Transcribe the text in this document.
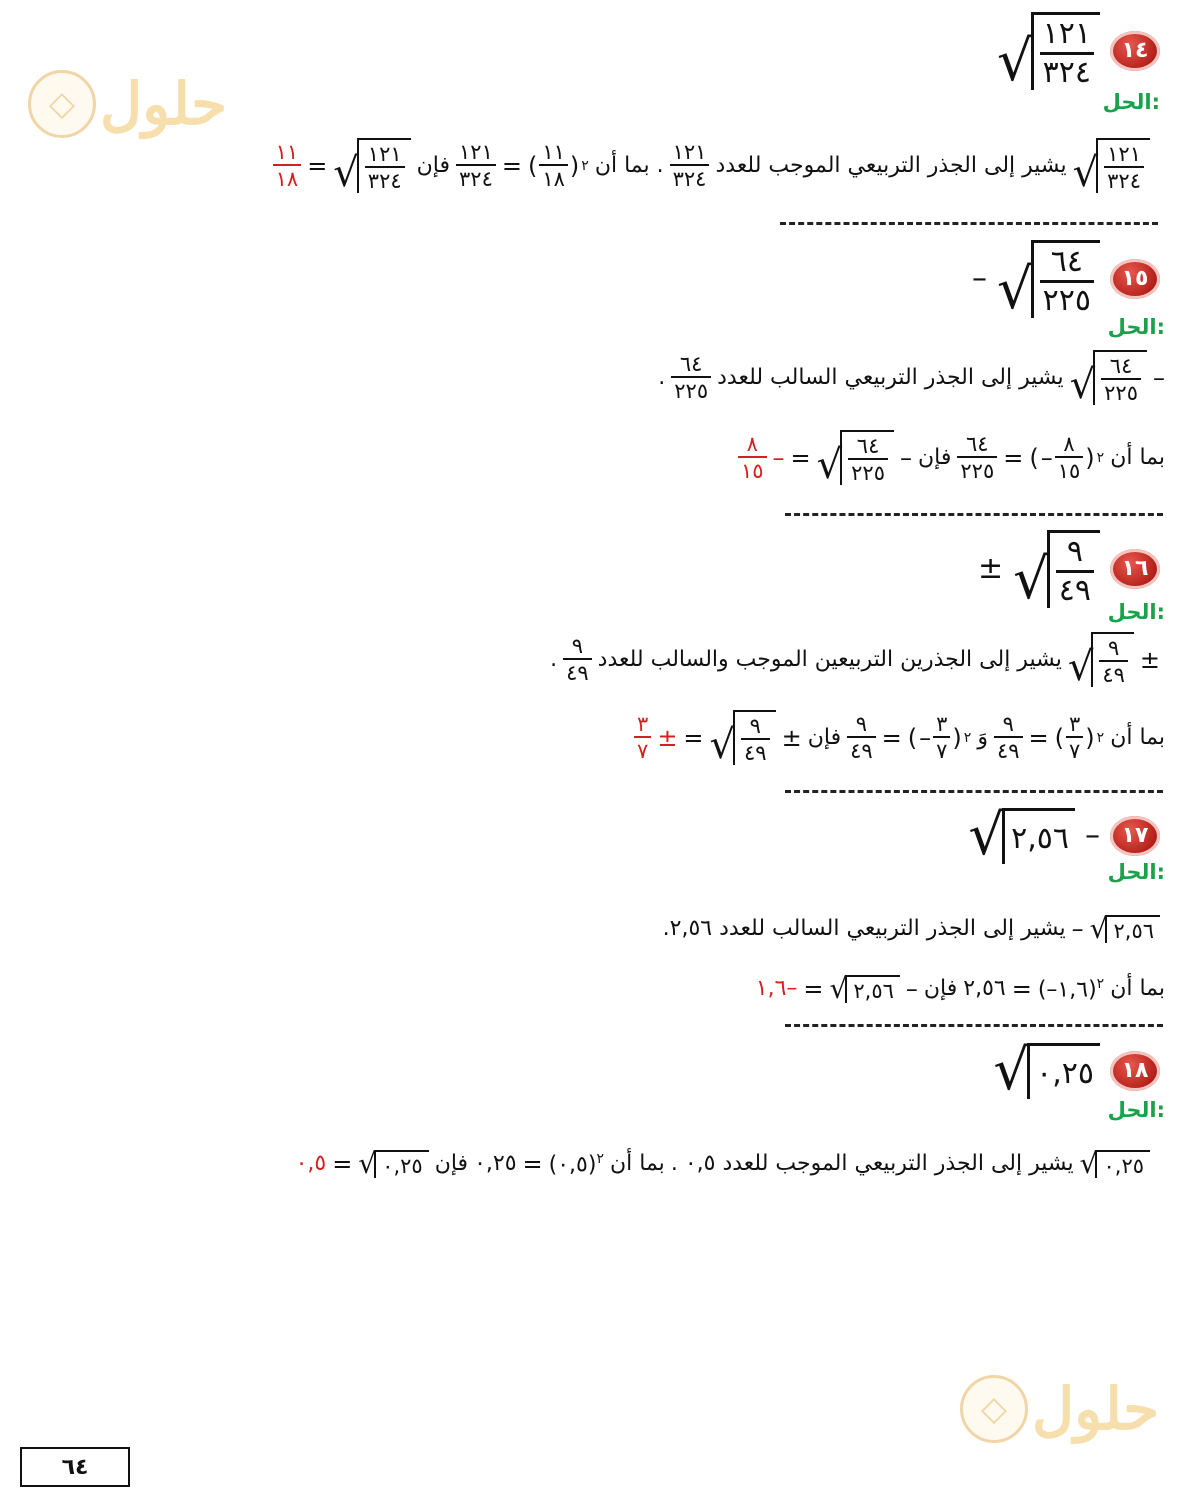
◇ حلول
◇ حلول
√ $\frac{١٢١}{٣٢٤}$	١٤
الحل:
√ $\frac{١٢١}{٣٢٤}$
يشير إلى الجذر التربيعي الموجب للعدد
$\frac{١٢١}{٣٢٤}$
. بما أن
( $\frac{١١}{١٨}$ ) ٢
=
$\frac{١٢١}{٣٢٤}$
فإن
√ $\frac{١٢١}{٣٢٤}$
=
$\frac{١١}{١٨}$
– √ $\frac{٦٤}{٢٢٥}$	١٥
الحل:
–
√ $\frac{٦٤}{٢٢٥}$
يشير إلى الجذر التربيعي السالب للعدد
$\frac{٦٤}{٢٢٥}$
.
بما أن
( – $\frac{٨}{١٥}$ ) ٢
=
$\frac{٦٤}{٢٢٥}$
فإن
–
√ $\frac{٦٤}{٢٢٥}$
=
–
$\frac{٨}{١٥}$
± √ $\frac{٩}{٤٩}$	١٦
الحل:
±
√ $\frac{٩}{٤٩}$
يشير إلى الجذرين التربيعين الموجب والسالب للعدد
$\frac{٩}{٤٩}$
.
بما أن
( $\frac{٣}{٧}$ ) ٢
=
$\frac{٩}{٤٩}$
وَ
( – $\frac{٣}{٧}$ ) ٢
=
$\frac{٩}{٤٩}$
فإن
±
√ $\frac{٩}{٤٩}$
=
±
$\frac{٣}{٧}$
√ ٢,٥٦ – ١٧
الحل:
√ ٢,٥٦
–
يشير إلى الجذر التربيعي السالب للعدد ٢,٥٦.
بما أن
(–١,٦)$^٢$
=
٢,٥٦
فإن
–
√ ٢,٥٦
=
–١,٦
√ ٠,٢٥	١٨
الحل:
√ ٠,٢٥
يشير إلى الجذر التربيعي الموجب للعدد ٠,٥ .
بما أن
(٠,٥)$^٢$
=
٠,٢٥
فإن
√ ٠,٢٥
=
٠,٥
٦٤
